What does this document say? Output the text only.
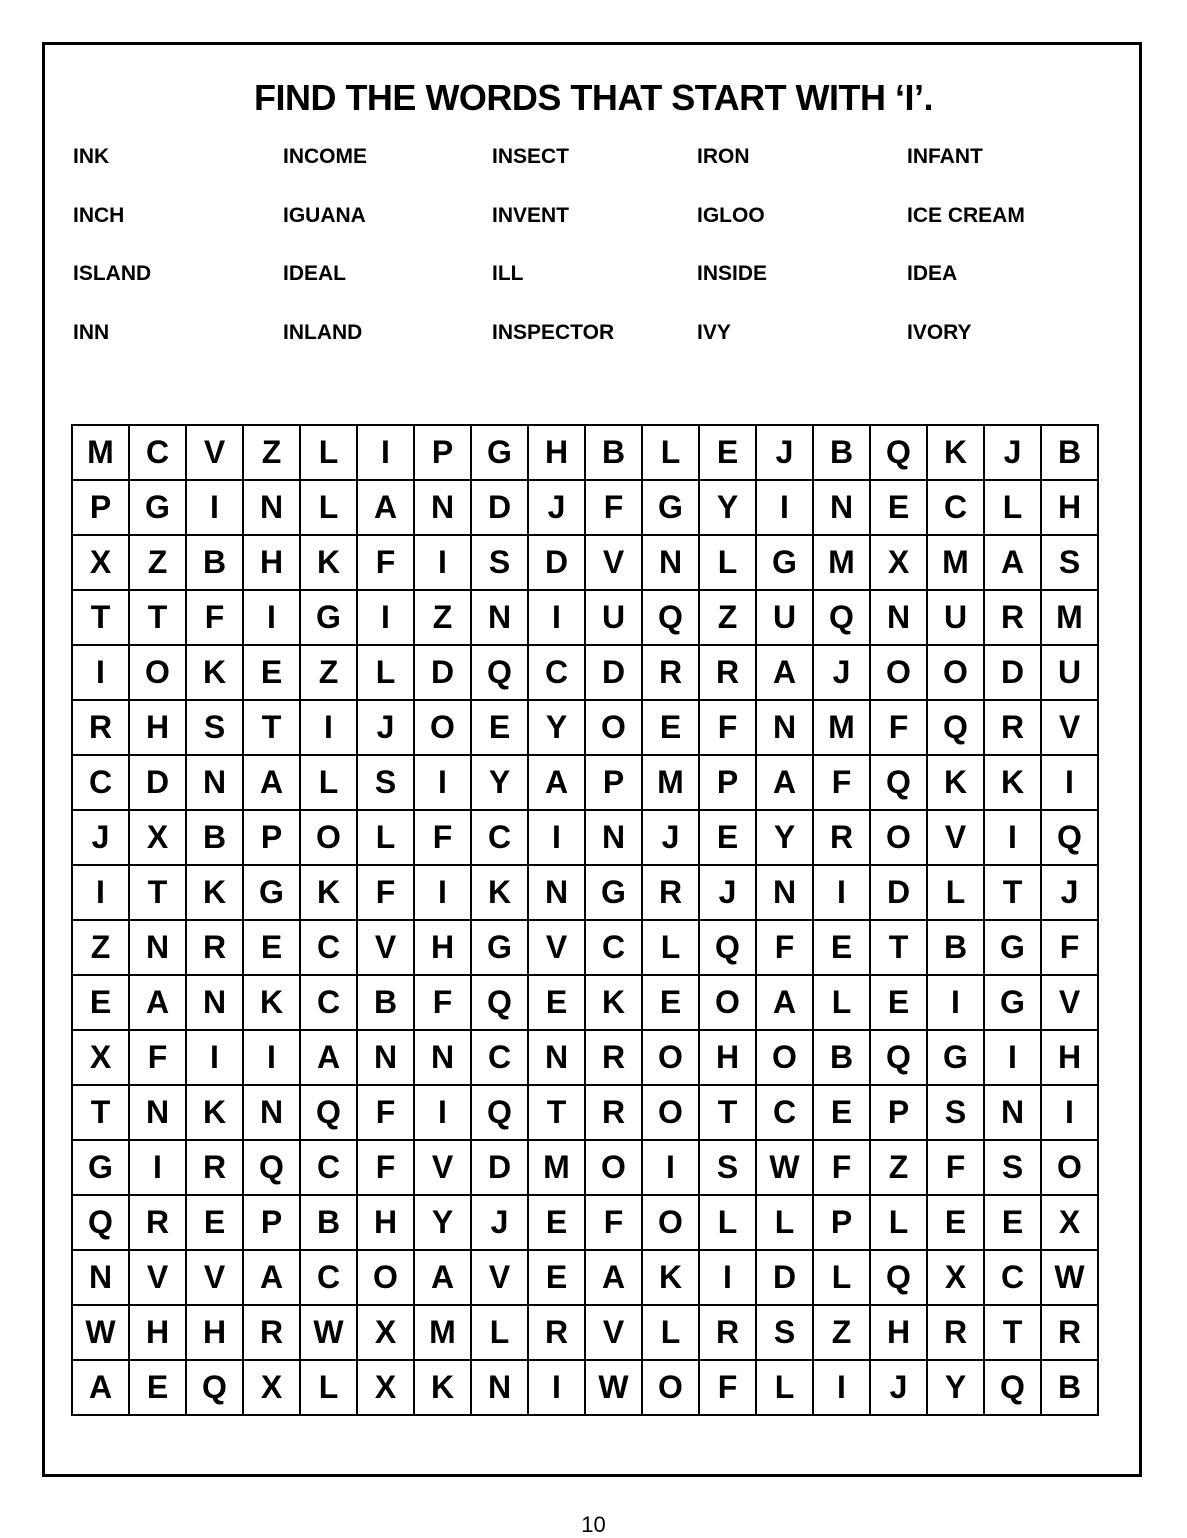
FIND THE WORDS THAT START WITH ‘I’.
INK	INCOME	INSECT	IRON	INFANT
INCH	IGUANA	INVENT	IGLOO	ICE CREAM
ISLAND	IDEAL	ILL	INSIDE	IDEA
INN	INLAND	INSPECTOR	IVY	IVORY
M	C	V	Z	L	I	P	G	H	B	L	E	J	B	Q	K	J	B
P	G	I	N	L	A	N	D	J	F	G	Y	I	N	E	C	L	H
X	Z	B	H	K	F	I	S	D	V	N	L	G	M	X	M	A	S
T	T	F	I	G	I	Z	N	I	U	Q	Z	U	Q	N	U	R	M
I	O	K	E	Z	L	D	Q	C	D	R	R	A	J	O	O	D	U
R	H	S	T	I	J	O	E	Y	O	E	F	N	M	F	Q	R	V
C	D	N	A	L	S	I	Y	A	P	M	P	A	F	Q	K	K	I
J	X	B	P	O	L	F	C	I	N	J	E	Y	R	O	V	I	Q
I	T	K	G	K	F	I	K	N	G	R	J	N	I	D	L	T	J
Z	N	R	E	C	V	H	G	V	C	L	Q	F	E	T	B	G	F
E	A	N	K	C	B	F	Q	E	K	E	O	A	L	E	I	G	V
X	F	I	I	A	N	N	C	N	R	O	H	O	B	Q	G	I	H
T	N	K	N	Q	F	I	Q	T	R	O	T	C	E	P	S	N	I
G	I	R	Q	C	F	V	D	M	O	I	S	W	F	Z	F	S	O
Q	R	E	P	B	H	Y	J	E	F	O	L	L	P	L	E	E	X
N	V	V	A	C	O	A	V	E	A	K	I	D	L	Q	X	C	W
W	H	H	R	W	X	M	L	R	V	L	R	S	Z	H	R	T	R
A	E	Q	X	L	X	K	N	I	W	O	F	L	I	J	Y	Q	B
10
